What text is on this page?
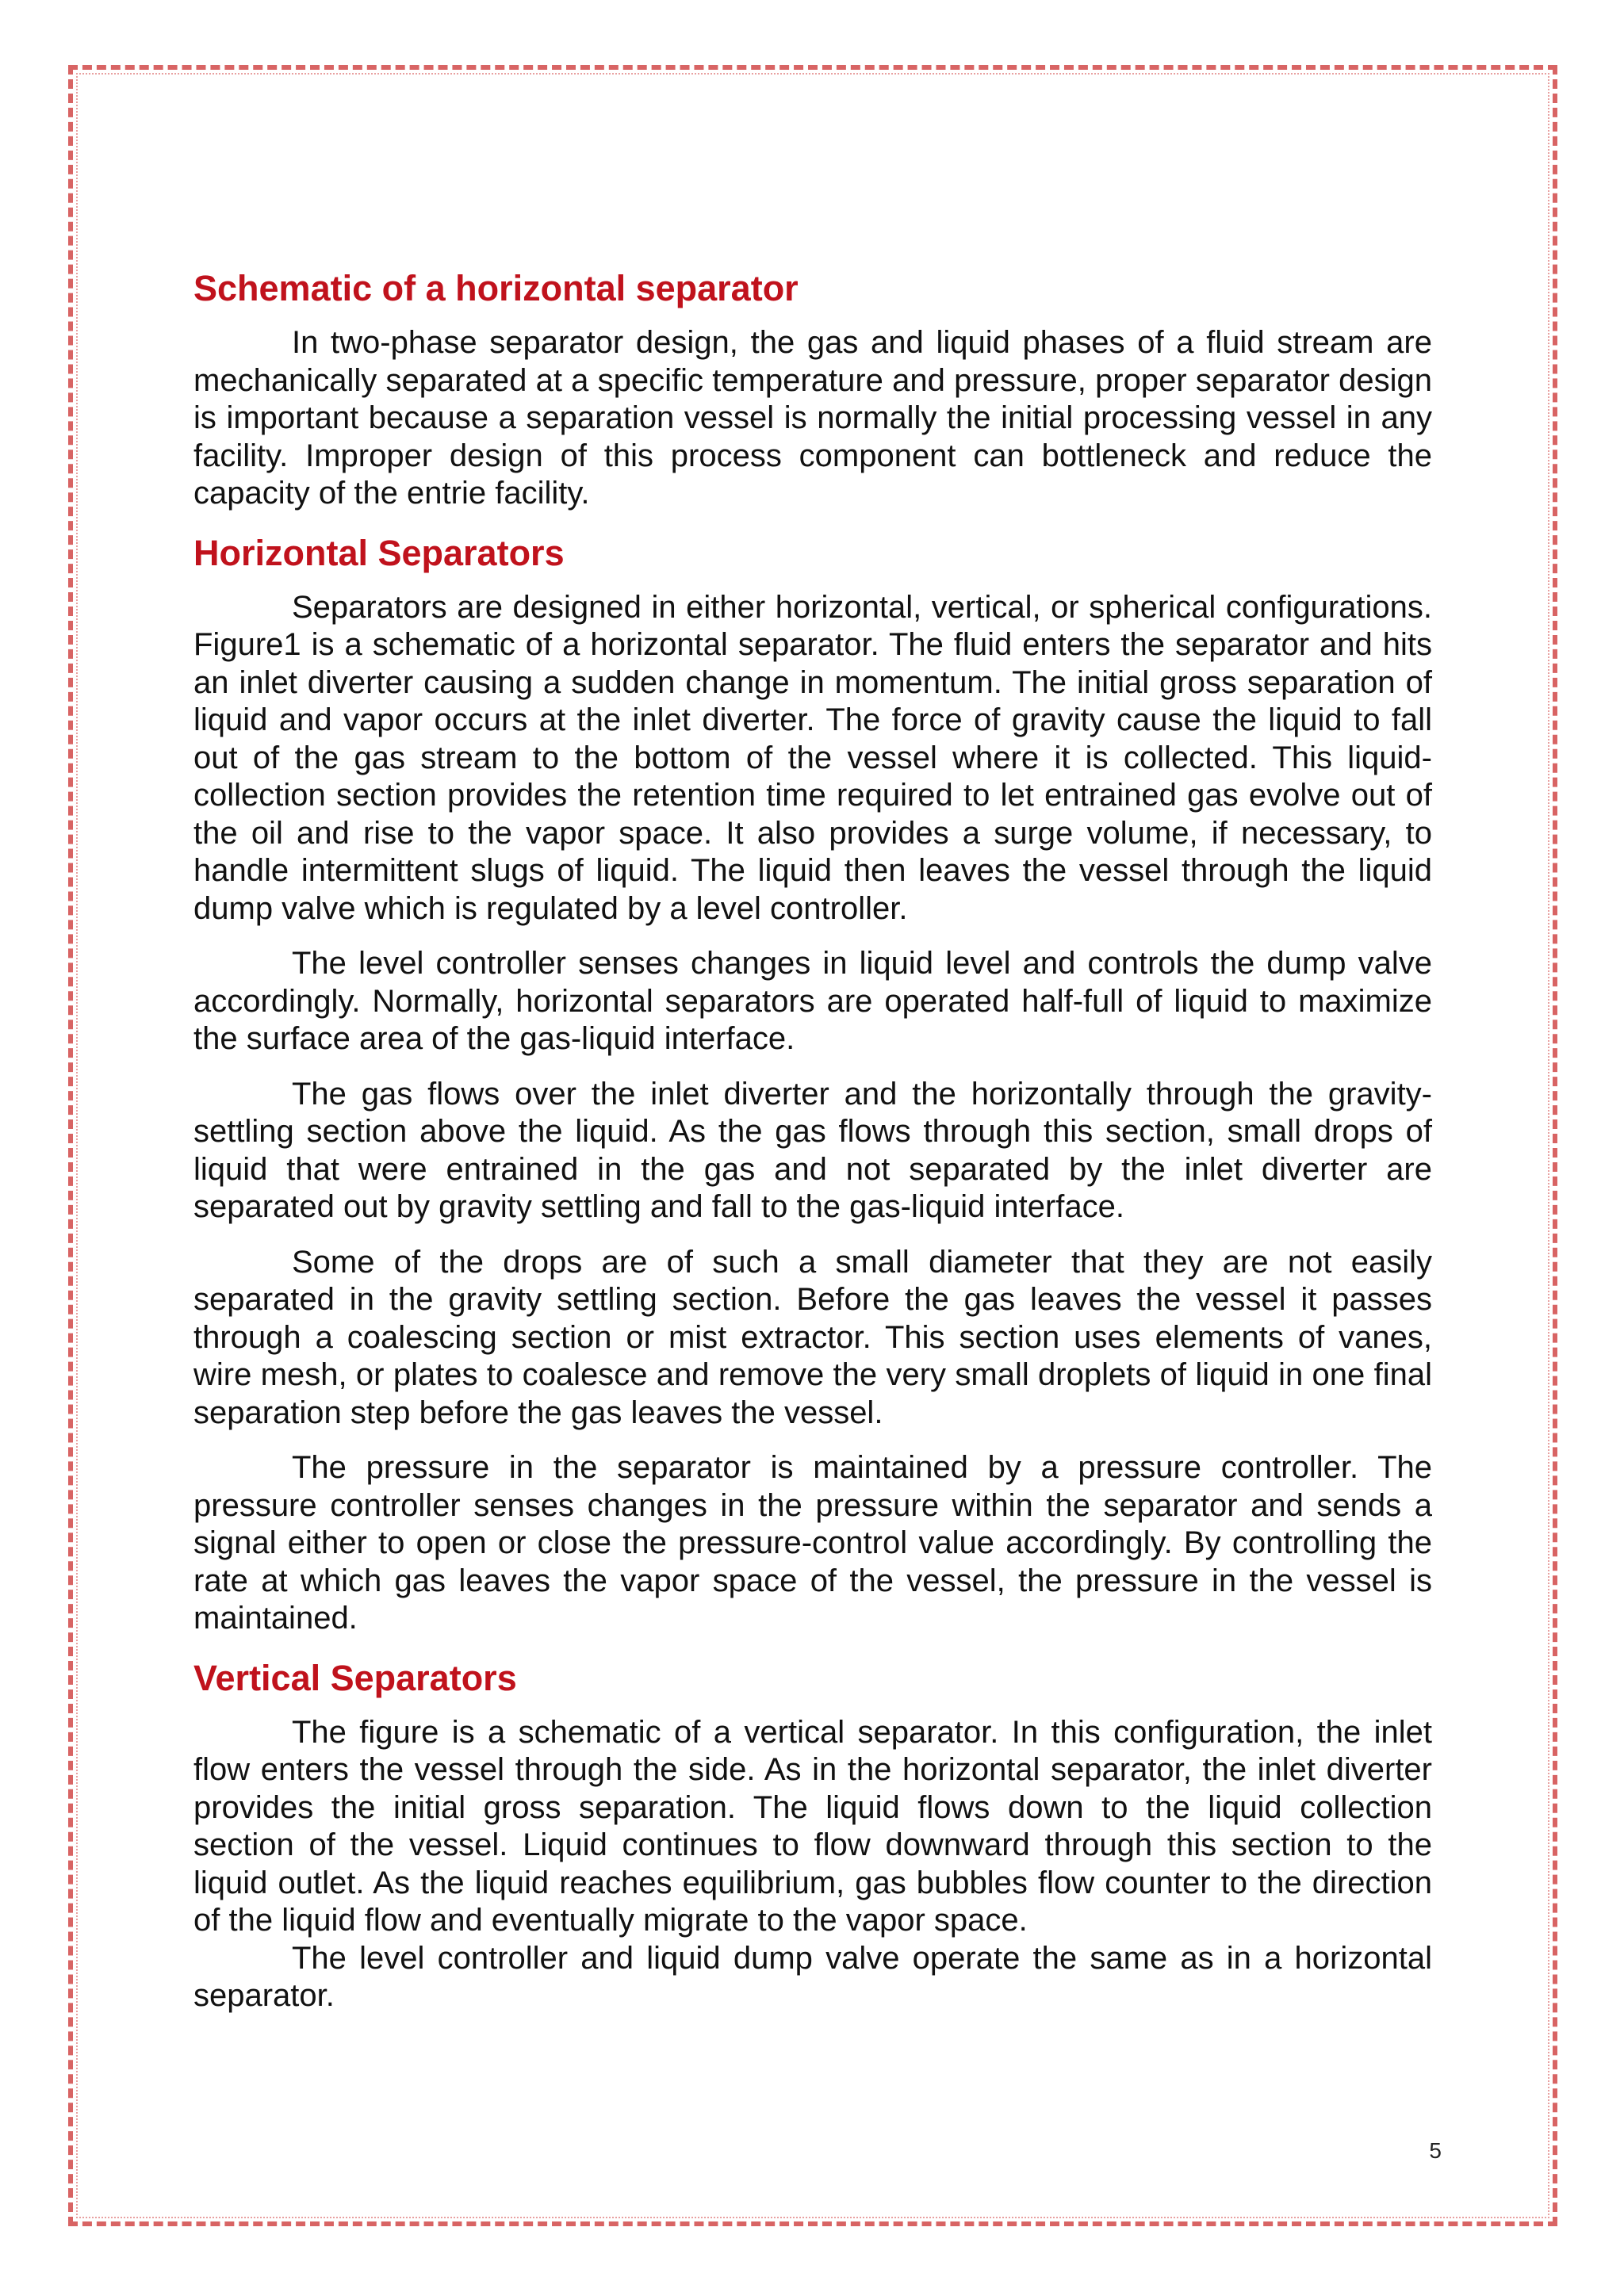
Schematic of a horizontal separator

In two-phase separator design, the gas and liquid phases of a fluid stream are mechanically separated at a specific temperature and pressure, proper separator design is important because a separation vessel is normally the initial processing vessel in any facility. Improper design of this process component can bottleneck and reduce the capacity of the entrie facility.

Horizontal Separators

Separators are designed in either horizontal, vertical, or spherical configurations. Figure1 is a schematic of a horizontal separator. The fluid enters the separator and hits an inlet diverter causing a sudden change in momentum. The initial gross separation of liquid and vapor occurs at the inlet diverter. The force of gravity cause the liquid to fall out of the gas stream to the bottom of the vessel where it is collected. This liquid-collection section provides the retention time required to let entrained gas evolve out of the oil and rise to the vapor space. It also provides a surge volume, if necessary, to handle intermittent slugs of liquid. The liquid then leaves the vessel through the liquid dump valve which is regulated by a level controller.

The level controller senses changes in liquid level and controls the dump valve accordingly. Normally, horizontal separators are operated half-full of liquid to maximize the surface area of the gas-liquid interface.

The gas flows over the inlet diverter and the horizontally through the gravity-settling section above the liquid. As the gas flows through this section, small drops of liquid that were entrained in the gas and not separated by the inlet diverter are separated out by gravity settling and fall to the gas-liquid interface.

Some of the drops are of such a small diameter that they are not easily separated in the gravity settling section. Before the gas leaves the vessel it passes through a coalescing section or mist extractor. This section uses elements of vanes, wire mesh, or plates to coalesce and remove the very small droplets of liquid in one final separation step before the gas leaves the vessel.

The pressure in the separator is maintained by a pressure controller. The pressure controller senses changes in the pressure within the separator and sends a signal either to open or close the pressure-control value accordingly. By controlling the rate at which gas leaves the vapor space of the vessel, the pressure in the vessel is maintained.

Vertical Separators

The figure is a schematic of a vertical separator. In this configuration, the inlet flow enters the vessel through the side. As in the horizontal separator, the inlet diverter provides the initial gross separation. The liquid flows down to the liquid collection section of the vessel. Liquid continues to flow downward through this section to the liquid outlet. As the liquid reaches equilibrium, gas bubbles flow counter to the direction of the liquid flow and eventually migrate to the vapor space.

The level controller and liquid dump valve operate the same as in a horizontal separator.

5
